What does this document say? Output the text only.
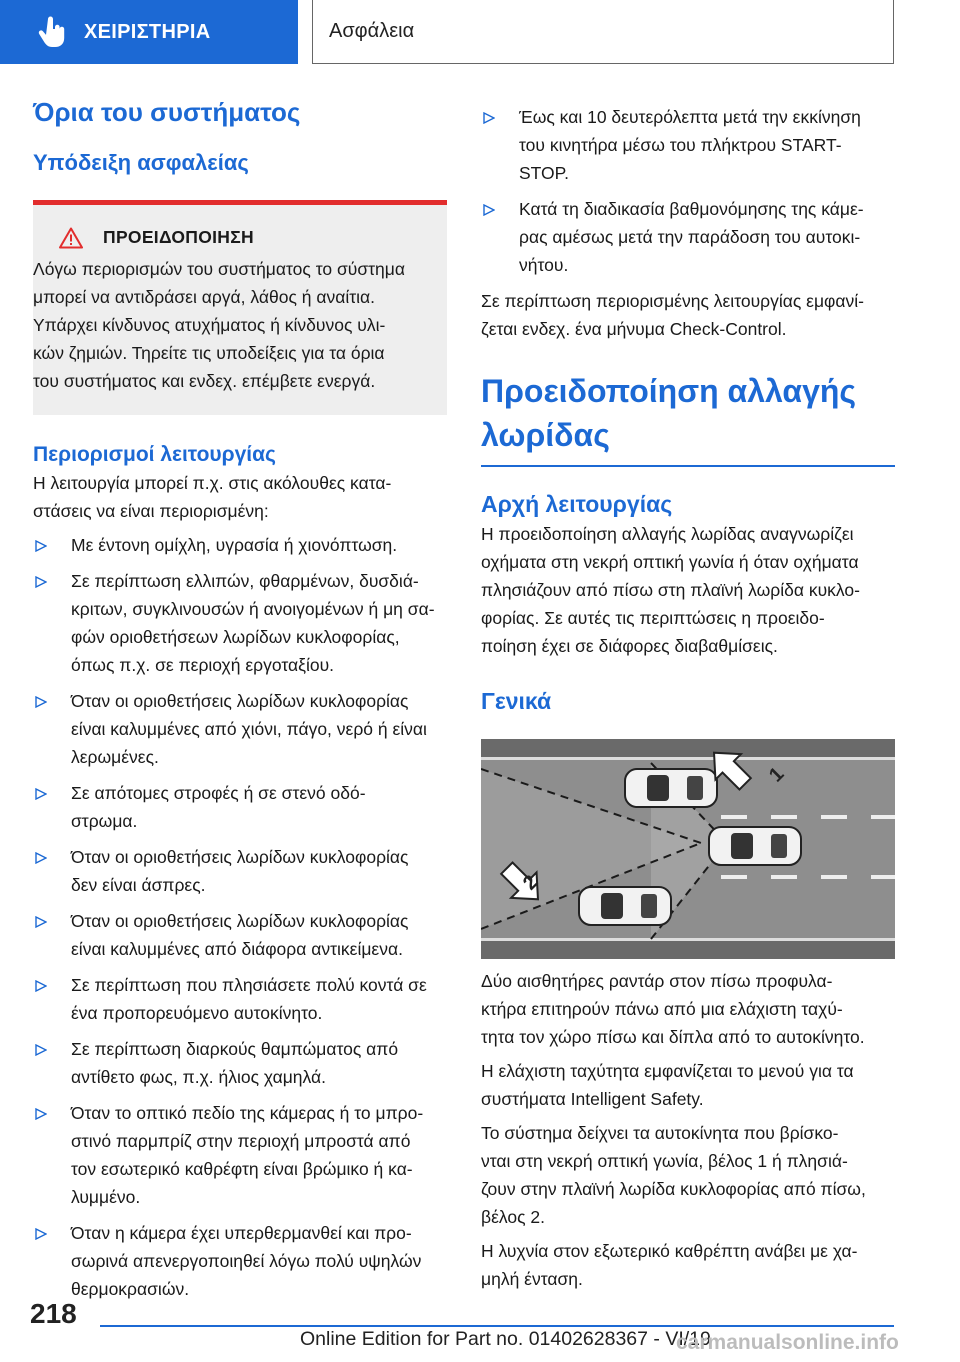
ΧΕΙΡΙΣΤΗΡΙΑ	Ασφάλεια
Όρια του συστήματος
Υπόδειξη ασφαλείας
ΠΡΟΕΙΔΟΠΟΙΗΣΗ

Λόγω περιορισμών του συστήματος το σύστημα

μπορεί να αντιδράσει αργά, λάθος ή αναίτια.

Υπάρχει κίνδυνος ατυχήματος ή κίνδυνος υλι-

κών ζημιών. Τηρείτε τις υποδείξεις για τα όρια

του συστήματος και ενδεχ. επέμβετε ενεργά.

Περιορισμοί λειτουργίας

Η λειτουργία μπορεί π.χ. στις ακόλουθες κατα-

στάσεις να είναι περιορισμένη:

Με έντονη ομίχλη, υγρασία ή χιονόπτωση.
Σε περίπτωση ελλιπών, φθαρμένων, δυσδιά-
κριτων, συγκλινουσών ή ανοιγομένων ή μη σα-
φών οριοθετήσεων λωρίδων κυκλοφορίας,
όπως π.χ. σε περιοχή εργοταξίου.
Όταν οι οριοθετήσεις λωρίδων κυκλοφορίας
είναι καλυμμένες από χιόνι, πάγο, νερό ή είναι
λερωμένες.
Σε απότομες στροφές ή σε στενό οδό-
στρωμα.
Όταν οι οριοθετήσεις λωρίδων κυκλοφορίας
δεν είναι άσπρες.
Όταν οι οριοθετήσεις λωρίδων κυκλοφορίας
είναι καλυμμένες από διάφορα αντικείμενα.
Σε περίπτωση που πλησιάσετε πολύ κοντά σε
ένα προπορευόμενο αυτοκίνητο.
Σε περίπτωση διαρκούς θαμπώματος από
αντίθετο φως, π.χ. ήλιος χαμηλά.
Όταν το οπτικό πεδίο της κάμερας ή το μπρο-
στινό παρμπρίζ στην περιοχή μπροστά από
τον εσωτερικό καθρέφτη είναι βρώμικο ή κα-
λυμμένο.
Όταν η κάμερα έχει υπερθερμανθεί και προ-
σωρινά απενεργοποιηθεί λόγω πολύ υψηλών
θερμοκρασιών.
Έως και 10 δευτερόλεπτα μετά την εκκίνηση
του κινητήρα μέσω του πλήκτρου START-
STOP.
Κατά τη διαδικασία βαθμονόμησης της κάμε-
ρας αμέσως μετά την παράδοση του αυτοκι-
νήτου.

Σε περίπτωση περιορισμένης λειτουργίας εμφανί-

ζεται ενδεχ. ένα μήνυμα Check-Control.

Προειδοποίηση αλλαγής
λωρίδας
Αρχή λειτουργίας

Η προειδοποίηση αλλαγής λωρίδας αναγνωρίζει

οχήματα στη νεκρή οπτική γωνία ή όταν οχήματα

πλησιάζουν από πίσω στη πλαϊνή λωρίδα κυκλο-

φορίας. Σε αυτές τις περιπτώσεις η προειδο-

ποίηση έχει σε διάφορες διαβαθμίσεις.

Γενικά
1
2

Δύο αισθητήρες ραντάρ στον πίσω προφυλα-

κτήρα επιτηρούν πάνω από μια ελάχιστη ταχύ-

τητα τον χώρο πίσω και δίπλα από το αυτοκίνητο.

Η ελάχιστη ταχύτητα εμφανίζεται το μενού για τα

συστήματα Intelligent Safety.

Το σύστημα δείχνει τα αυτοκίνητα που βρίσκο-

νται στη νεκρή οπτική γωνία, βέλος 1 ή πλησιά-

ζουν στην πλαϊνή λωρίδα κυκλοφορίας από πίσω,

βέλος 2.

Η λυχνία στον εξωτερικό καθρέπτη ανάβει με χα-

μηλή ένταση.

218
Online Edition for Part no. 01402628367 - VI/19
carmanualsonline.info
